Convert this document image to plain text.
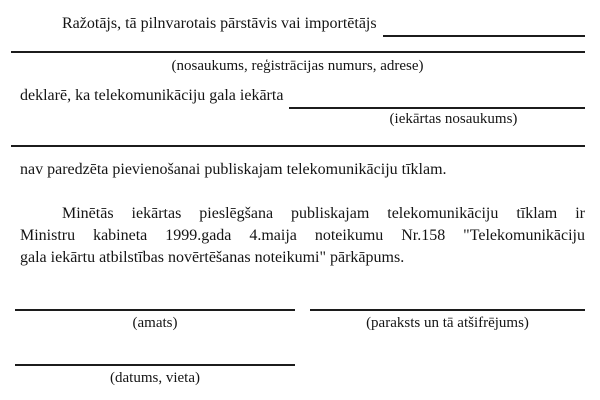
Ražotājs, tā pilnvarotais pārstāvis vai importētājs
(nosaukums, reģistrācijas numurs, adrese)
deklarē, ka telekomunikāciju gala iekārta
(iekārtas nosaukums)
nav paredzēta pievienošanai publiskajam telekomunikāciju tīklam.
Minētās iekārtas pieslēgšana publiskajam telekomunikāciju tīklam ir
Ministru kabineta 1999.gada 4.maija noteikumu Nr.158 "Telekomunikāciju
gala iekārtu atbilstības novērtēšanas noteikumi" pārkāpums.
(amats)	(paraksts un tā atšifrējums)
(datums, vieta)
